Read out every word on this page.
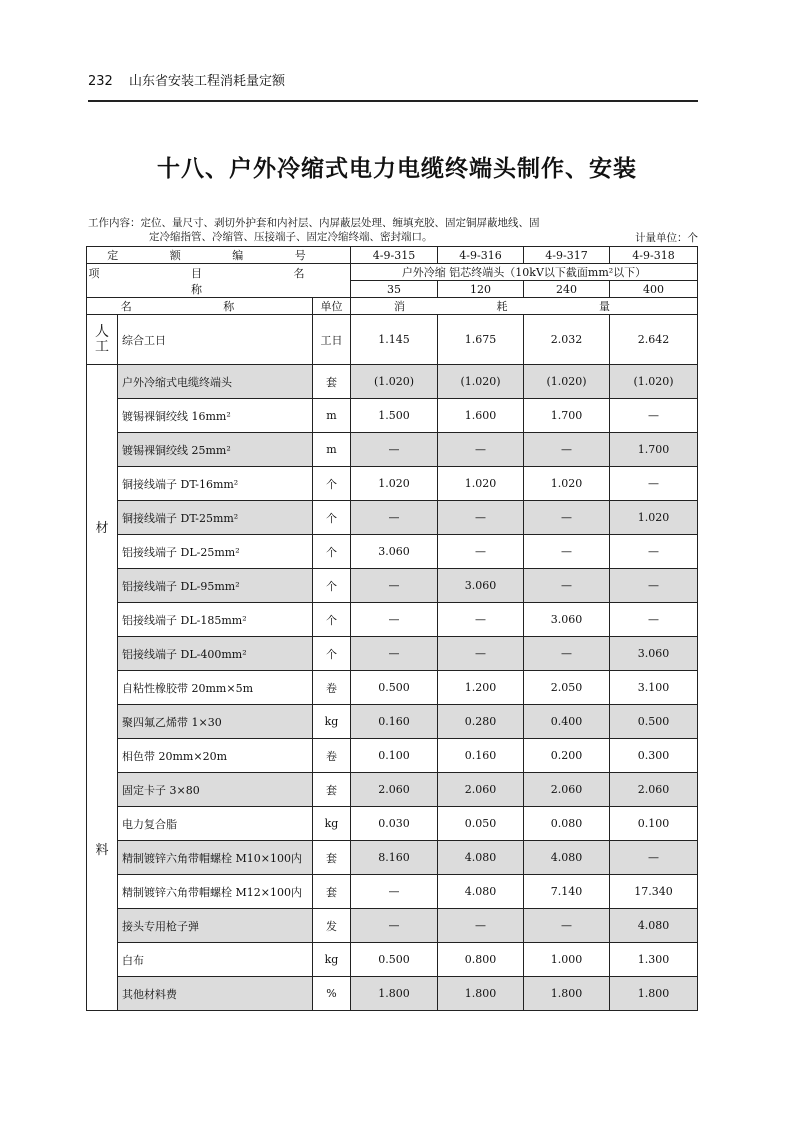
232 山东省安装工程消耗量定额
十八、户外冷缩式电力电缆终端头制作、安装
工作内容：定位、量尺寸、剥切外护套和内衬层、内屏蔽层处理、缠填充胶、固定铜屏蔽地线、固
定冷缩指管、冷缩管、压接端子、固定冷缩终端、密封端口。	计量单位：个
定 额 编 号			4-9-315	4-9-316	4-9-317	4-9-318
项 目 名 称			户外冷缩 铝芯终端头（10kV以下截面mm²以下）			
			35	120	240	400
名 称		单位	消 耗 量			

人
工	综合工日	工日	1.145	1.675	2.032	2.642

材
料	户外冷缩式电缆终端头	套	(1.020)	(1.020)	(1.020)	(1.020)
	镀锡裸铜绞线 16mm²	m	1.500	1.600	1.700	—
	镀锡裸铜绞线 25mm²	m	—	—	—	1.700
	铜接线端子 DT-16mm²	个	1.020	1.020	1.020	—
	铜接线端子 DT-25mm²	个	—	—	—	1.020
	铝接线端子 DL-25mm²	个	3.060	—	—	—
	铝接线端子 DL-95mm²	个	—	3.060	—	—
	铝接线端子 DL-185mm²	个	—	—	3.060	—
	铝接线端子 DL-400mm²	个	—	—	—	3.060
	自粘性橡胶带 20mm×5m	卷	0.500	1.200	2.050	3.100
	聚四氟乙烯带 1×30	kg	0.160	0.280	0.400	0.500
	相色带 20mm×20m	卷	0.100	0.160	0.200	0.300
	固定卡子 3×80	套	2.060	2.060	2.060	2.060
	电力复合脂	kg	0.030	0.050	0.080	0.100
	精制镀锌六角带帽螺栓 M10×100内	套	8.160	4.080	4.080	—
	精制镀锌六角带帽螺栓 M12×100内	套	—	4.080	7.140	17.340
	接头专用枪子弹	发	—	—	—	4.080
	白布	kg	0.500	0.800	1.000	1.300
	其他材料费	%	1.800	1.800	1.800	1.800
